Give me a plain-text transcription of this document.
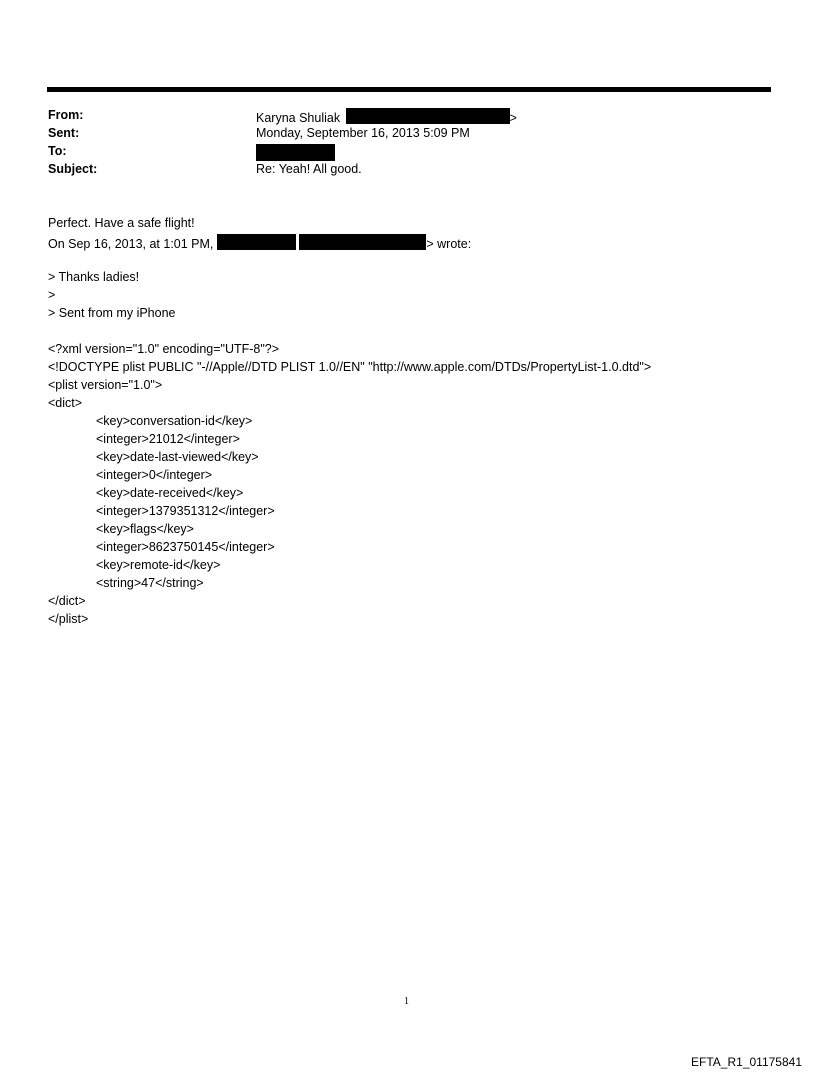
From:	Karyna Shuliak	>
Sent:	Monday, September 16, 2013 5:09 PM
To:
Subject:	Re: Yeah! All good.
Perfect. Have a safe flight!
On Sep 16, 2013, at 1:01 PM,	> wrote:
> Thanks ladies!
>
> Sent from my iPhone
<?xml version="1.0" encoding="UTF-8"?>
<!DOCTYPE plist PUBLIC "-//Apple//DTD PLIST 1.0//EN" "http://www.apple.com/DTDs/PropertyList-1.0.dtd">
<plist version="1.0">
<dict>
<key>conversation-id</key>
<integer>21012</integer>
<key>date-last-viewed</key>
<integer>0</integer>
<key>date-received</key>
<integer>1379351312</integer>
<key>flags</key>
<integer>8623750145</integer>
<key>remote-id</key>
<string>47</string>
</dict>
</plist>
1
EFTA_R1_01175841
